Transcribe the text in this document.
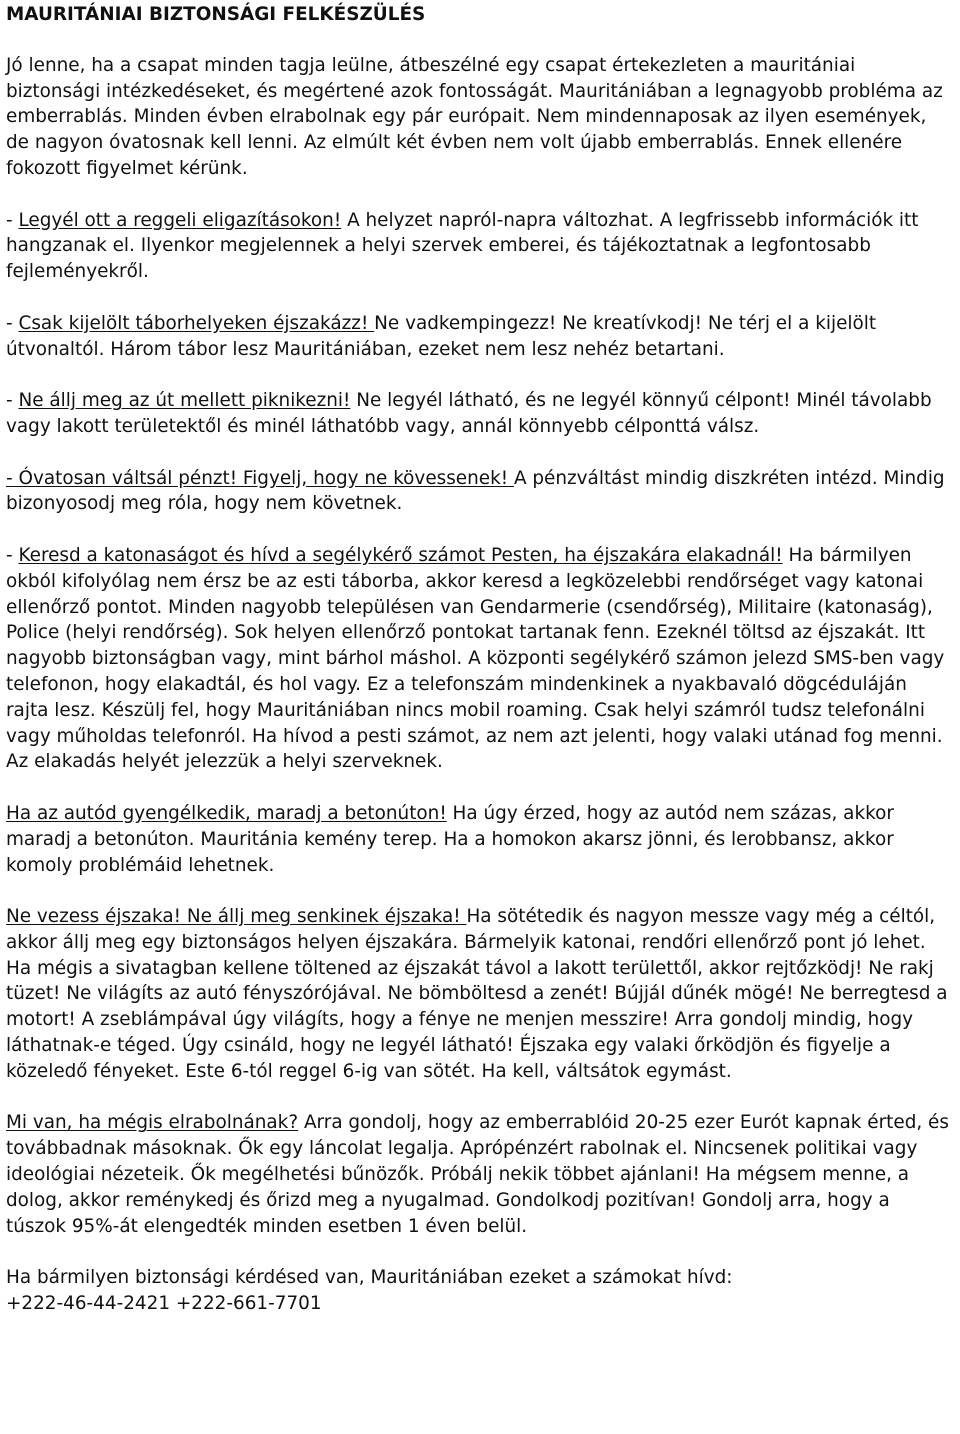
MAURITÁNIAI BIZTONSÁGI FELKÉSZÜLÉS

Jó lenne, ha a csapat minden tagja leülne, átbeszélné egy csapat értekezleten a mauritániai biztonsági intézkedéseket, és megértené azok fontosságát. Mauritániában a legnagyobb probléma az emberrablás. Minden évben elrabolnak egy pár európait. Nem mindennaposak az ilyen események, de nagyon óvatosnak kell lenni. Az elmúlt két évben nem volt újabb emberrablás. Ennek ellenére fokozott figyelmet kérünk.

- Legyél ott a reggeli eligazításokon! A helyzet napról-napra változhat. A legfrissebb információk itt hangzanak el. Ilyenkor megjelennek a helyi szervek emberei, és tájékoztatnak a legfontosabb fejleményekről.

- Csak kijelölt táborhelyeken éjszakázz! Ne vadkempingezz! Ne kreatívkodj! Ne térj el a kijelölt útvonaltól. Három tábor lesz Mauritániában, ezeket nem lesz nehéz betartani.

- Ne állj meg az út mellett piknikezni! Ne legyél látható, és ne legyél könnyű célpont! Minél távolabb vagy lakott területektől és minél láthatóbb vagy, annál könnyebb célponttá válsz.

- Óvatosan váltsál pénzt! Figyelj, hogy ne kövessenek! A pénzváltást mindig diszkréten intézd. Mindig bizonyosodj meg róla, hogy nem követnek.

- Keresd a katonaságot és hívd a segélykérő számot Pesten, ha éjszakára elakadnál! Ha bármilyen okból kifolyólag nem érsz be az esti táborba, akkor keresd a legközelebbi rendőrséget vagy katonai ellenőrző pontot. Minden nagyobb településen van Gendarmerie (csendőrség), Militaire (katonaság), Police (helyi rendőrség). Sok helyen ellenőrző pontokat tartanak fenn. Ezeknél töltsd az éjszakát. Itt nagyobb biztonságban vagy, mint bárhol máshol. A központi segélykérő számon jelezd SMS-ben vagy telefonon, hogy elakadtál, és hol vagy. Ez a telefonszám mindenkinek a nyakbavaló dögcéduláján rajta lesz. Készülj fel, hogy Mauritániában nincs mobil roaming. Csak helyi számról tudsz telefonálni vagy műholdas telefonról. Ha hívod a pesti számot, az nem azt jelenti, hogy valaki utánad fog menni. Az elakadás helyét jelezzük a helyi szerveknek.

Ha az autód gyengélkedik, maradj a betonúton! Ha úgy érzed, hogy az autód nem százas, akkor maradj a betonúton. Mauritánia kemény terep. Ha a homokon akarsz jönni, és lerobbansz, akkor komoly problémáid lehetnek.

Ne vezess éjszaka! Ne állj meg senkinek éjszaka! Ha sötétedik és nagyon messze vagy még a céltól, akkor állj meg egy biztonságos helyen éjszakára. Bármelyik katonai, rendőri ellenőrző pont jó lehet. Ha mégis a sivatagban kellene töltened az éjszakát távol a lakott területtől, akkor rejtőzködj! Ne rakj tüzet! Ne világíts az autó fényszórójával. Ne bömböltesd a zenét! Bújjál dűnék mögé! Ne berregtesd a motort! A zseblámpával úgy világíts, hogy a fénye ne menjen messzire! Arra gondolj mindig, hogy láthatnak-e téged. Úgy csináld, hogy ne legyél látható! Éjszaka egy valaki őrködjön és figyelje a közeledő fényeket. Este 6-tól reggel 6-ig van sötét. Ha kell, váltsátok egymást.

Mi van, ha mégis elrabolnának? Arra gondolj, hogy az emberrablóid 20-25 ezer Eurót kapnak érted, és továbbadnak másoknak. Ők egy láncolat legalja. Aprópénzért rabolnak el. Nincsenek politikai vagy ideológiai nézeteik. Ők megélhetési bűnözők. Próbálj nekik többet ajánlani! Ha mégsem menne, a dolog, akkor reménykedj és őrizd meg a nyugalmad. Gondolkodj pozitívan! Gondolj arra, hogy a túszok 95%-át elengedték minden esetben 1 éven belül.

Ha bármilyen biztonsági kérdésed van, Mauritániában ezeket a számokat hívd:

+222-46-44-2421 +222-661-7701
